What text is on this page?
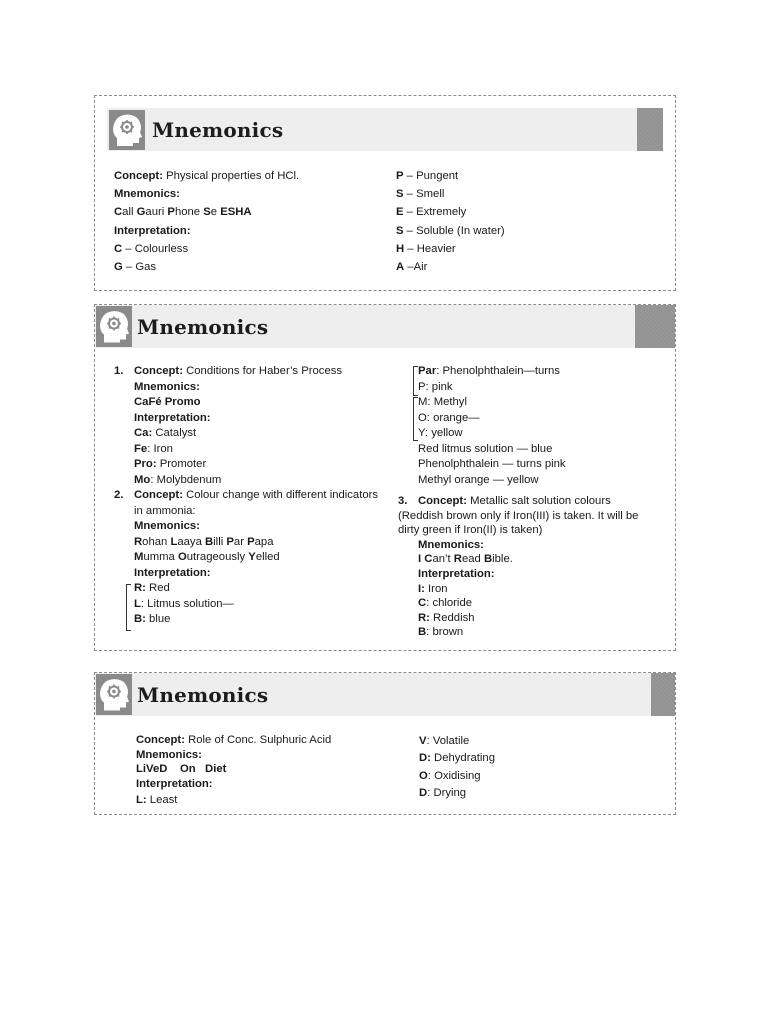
Mnemonics
Concept: Physical properties of HCl.
Mnemonics:
Call Gauri Phone Se ESHA
Interpretation:
C – Colourless
G – Gas
P – Pungent
S – Smell
E – Extremely
S – Soluble (In water)
H – Heavier
A –Air
Mnemonics
1. Concept: Conditions for Haber’s Process
Mnemonics:
CaFé Promo
Interpretation:
Ca: Catalyst
Fe: Iron
Pro: Promoter
Mo: Molybdenum
2. Concept: Colour change with different indicators
in ammonia:
Mnemonics:
Rohan Laaya Billi Par Papa
Mumma Outrageously Yelled
Interpretation:
R: Red
L: Litmus solution—
B: blue
Par: Phenolphthalein—turns
P: pink
M: Methyl
O: orange—
Y: yellow
Red litmus solution — blue
Phenolphthalein — turns pink
Methyl orange — yellow
3. Concept: Metallic salt solution colours
(Reddish brown only if Iron(III) is taken. It will be
dirty green if Iron(II) is taken)
Mnemonics:
I Can’t Read Bible.
Interpretation:
I: Iron
C: chloride
R: Reddish
B: brown
Mnemonics
Concept: Role of Conc. Sulphuric Acid
Mnemonics:
LiVeD    On   Diet
Interpretation:
L: Least
V: Volatile
D: Dehydrating
O: Oxidising
D: Drying
